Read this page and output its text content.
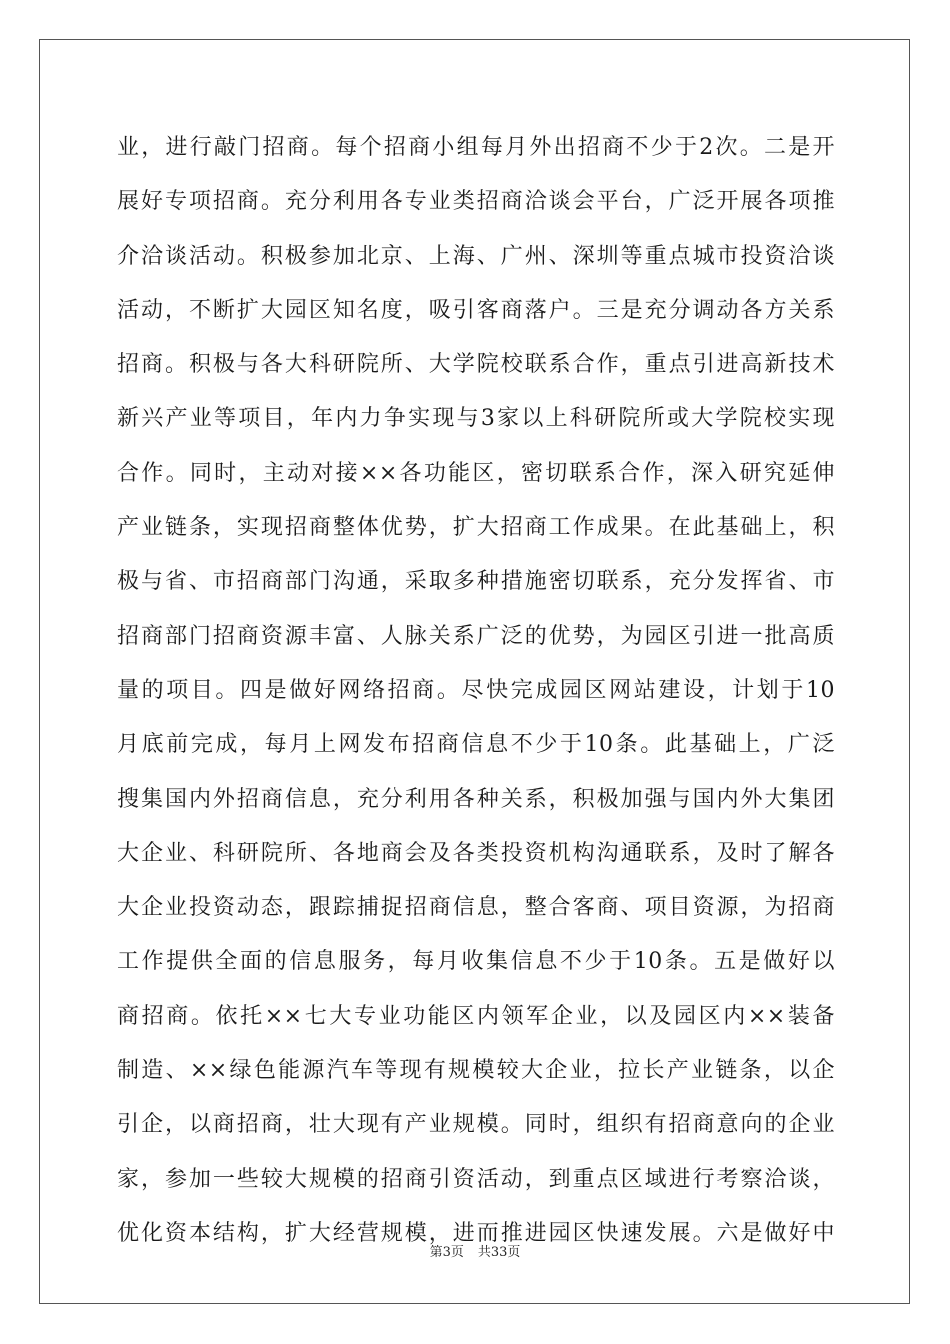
业，进行敲门招商。每个招商小组每月外出招商不少于2次。二是开
展好专项招商。充分利用各专业类招商洽谈会平台，广泛开展各项推
介洽谈活动。积极参加北京、上海、广州、深圳等重点城市投资洽谈
活动，不断扩大园区知名度，吸引客商落户。三是充分调动各方关系
招商。积极与各大科研院所、大学院校联系合作，重点引进高新技术
新兴产业等项目，年内力争实现与3家以上科研院所或大学院校实现
合作。同时，主动对接××各功能区，密切联系合作，深入研究延伸
产业链条，实现招商整体优势，扩大招商工作成果。在此基础上，积
极与省、市招商部门沟通，采取多种措施密切联系，充分发挥省、市
招商部门招商资源丰富、人脉关系广泛的优势，为园区引进一批高质
量的项目。四是做好网络招商。尽快完成园区网站建设，计划于10
月底前完成，每月上网发布招商信息不少于10条。此基础上，广泛
搜集国内外招商信息，充分利用各种关系，积极加强与国内外大集团
大企业、科研院所、各地商会及各类投资机构沟通联系，及时了解各
大企业投资动态，跟踪捕捉招商信息，整合客商、项目资源，为招商
工作提供全面的信息服务，每月收集信息不少于10条。五是做好以
商招商。依托××七大专业功能区内领军企业，以及园区内××装备
制造、××绿色能源汽车等现有规模较大企业，拉长产业链条，以企
引企，以商招商，壮大现有产业规模。同时，组织有招商意向的企业
家，参加一些较大规模的招商引资活动，到重点区域进行考察洽谈，
优化资本结构，扩大经营规模，进而推进园区快速发展。六是做好中
第3页 共33页
